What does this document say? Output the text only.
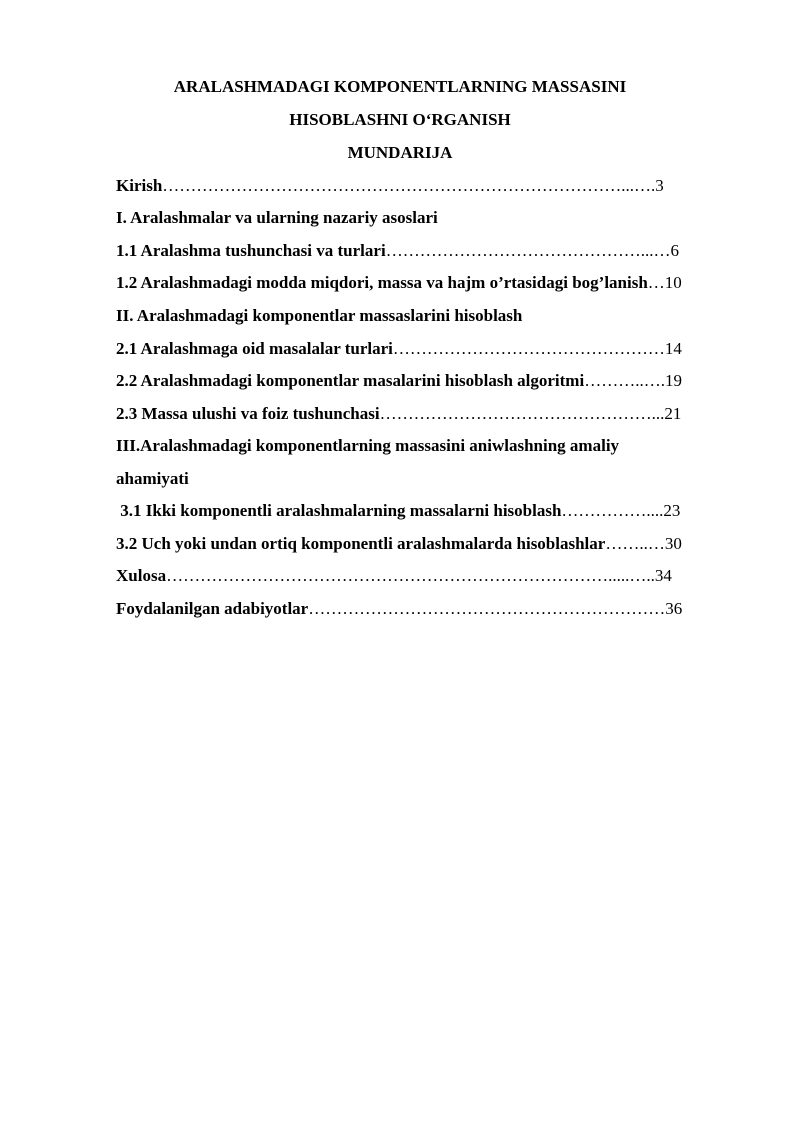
ARALASHMADAGI KOMPONENTLARNING MASSASINI
HISOBLASHNI O‘RGANISH
MUNDARIJA
Kirish………………………………………………………………………...….3
I. Aralashmalar va ularning nazariy asoslari
1.1 Aralashma tushunchasi va turlari………………………………………...…6
1.2 Aralashmadagi modda miqdori, massa va hajm o’rtasidagi bog’lanish…10
II. Aralashmadagi komponentlar massaslarini hisoblash
2.1 Aralashmaga oid masalalar turlari…………………………………………14
2.2 Aralashmadagi komponentlar masalarini hisoblash algoritmi………..….19
2.3 Massa ulushi va foiz tushunchasi…………………………………………...21
III.Aralashmadagi komponentlarning massasini aniwlashning amaliy
ahamiyati
3.1 Ikki komponentli aralashmalarning massalarni hisoblash……………....23
3.2 Uch yoki undan ortiq komponentli aralashmalarda hisoblashlar……..…30
Xulosa…………………………………………………………………….....…..34
Foydalanilgan adabiyotlar………………………………………………………36
